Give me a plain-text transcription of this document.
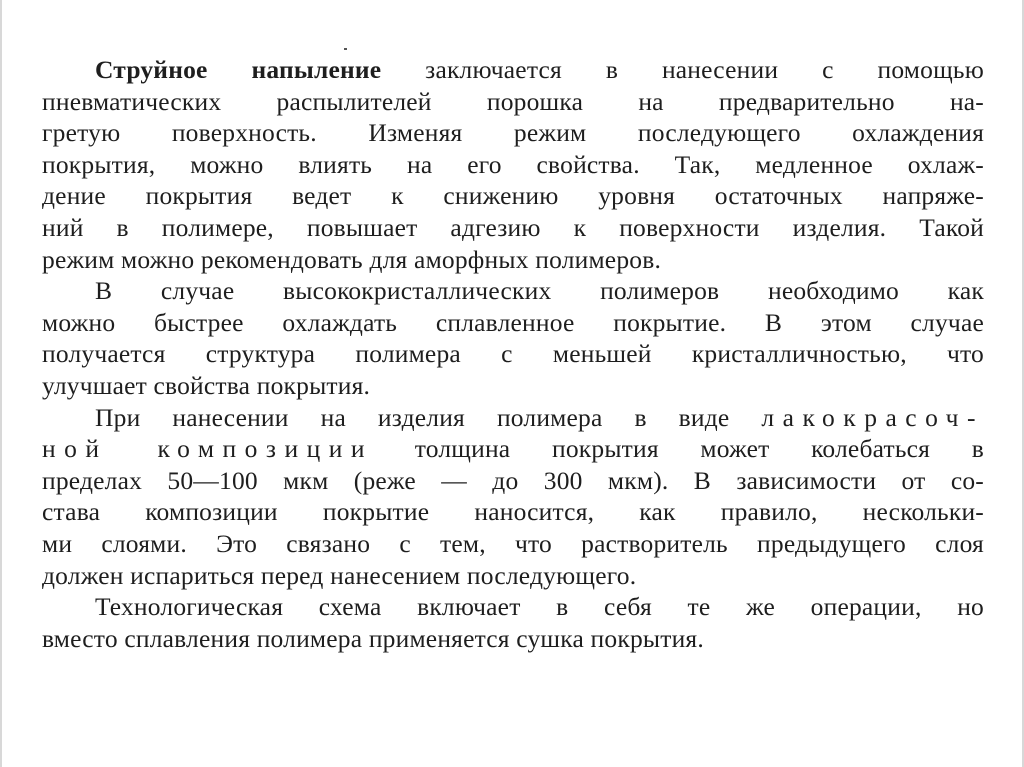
Струйное напыление заключается в нанесении с помощью
пневматических распылителей порошка на предварительно на-
гретую поверхность. Изменяя режим последующего охлаждения
покрытия, можно влиять на его свойства. Так, медленное охлаж-
дение покрытия ведет к снижению уровня остаточных напряже-
ний в полимере, повышает адгезию к поверхности изделия. Такой
режим можно рекомендовать для аморфных полимеров.
В случае высококристаллических полимеров необходимо как
можно быстрее охлаждать сплавленное покрытие. В этом случае
получается структура полимера с меньшей кристалличностью, что
улучшает свойства покрытия.
При нанесении на изделия полимера в виде лакокрасоч-
ной композиции толщина покрытия может колебаться в
пределах 50—100 мкм (реже — до 300 мкм). В зависимости от со-
става композиции покрытие наносится, как правило, нескольки-
ми слоями. Это связано с тем, что растворитель предыдущего слоя
должен испариться перед нанесением последующего.
Технологическая схема включает в себя те же операции, но
вместо сплавления полимера применяется сушка покрытия.
